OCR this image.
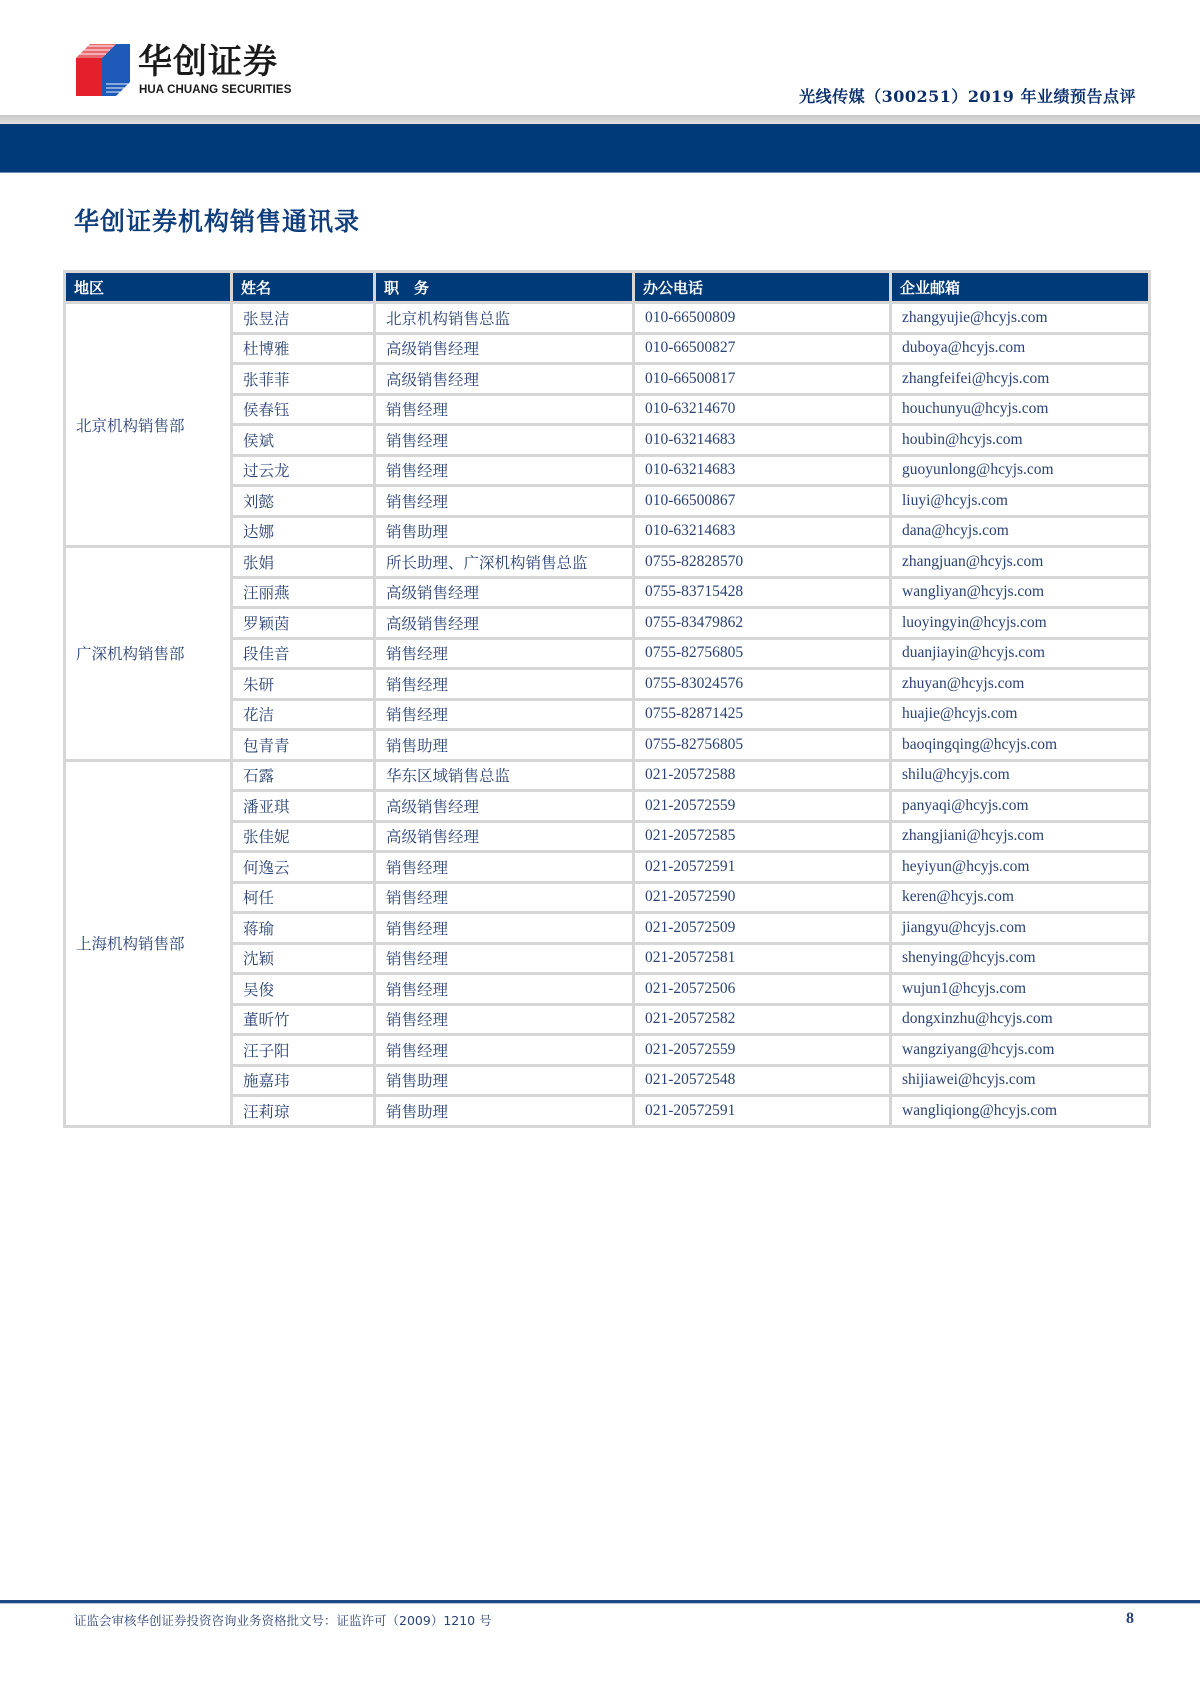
华创证券
HUA CHUANG SECURITIES	光线传媒（300251）2019 年业绩预告点评
华创证券机构销售通讯录
地区	姓名	职　务	办公电话	企业邮箱
北京机构销售部	张昱洁	北京机构销售总监	010-66500809	zhangyujie@hcyjs.com
	杜博雅	高级销售经理	010-66500827	duboya@hcyjs.com
	张菲菲	高级销售经理	010-66500817	zhangfeifei@hcyjs.com
	侯春钰	销售经理	010-63214670	houchunyu@hcyjs.com
	侯斌	销售经理	010-63214683	houbin@hcyjs.com
	过云龙	销售经理	010-63214683	guoyunlong@hcyjs.com
	刘懿	销售经理	010-66500867	liuyi@hcyjs.com
	达娜	销售助理	010-63214683	dana@hcyjs.com
广深机构销售部	张娟	所长助理、广深机构销售总监	0755-82828570	zhangjuan@hcyjs.com
	汪丽燕	高级销售经理	0755-83715428	wangliyan@hcyjs.com
	罗颖茵	高级销售经理	0755-83479862	luoyingyin@hcyjs.com
	段佳音	销售经理	0755-82756805	duanjiayin@hcyjs.com
	朱研	销售经理	0755-83024576	zhuyan@hcyjs.com
	花洁	销售经理	0755-82871425	huajie@hcyjs.com
	包青青	销售助理	0755-82756805	baoqingqing@hcyjs.com
上海机构销售部	石露	华东区域销售总监	021-20572588	shilu@hcyjs.com
	潘亚琪	高级销售经理	021-20572559	panyaqi@hcyjs.com
	张佳妮	高级销售经理	021-20572585	zhangjiani@hcyjs.com
	何逸云	销售经理	021-20572591	heyiyun@hcyjs.com
	柯任	销售经理	021-20572590	keren@hcyjs.com
	蒋瑜	销售经理	021-20572509	jiangyu@hcyjs.com
	沈颖	销售经理	021-20572581	shenying@hcyjs.com
	吴俊	销售经理	021-20572506	wujun1@hcyjs.com
	董昕竹	销售经理	021-20572582	dongxinzhu@hcyjs.com
	汪子阳	销售经理	021-20572559	wangziyang@hcyjs.com
	施嘉玮	销售助理	021-20572548	shijiawei@hcyjs.com
	汪莉琼	销售助理	021-20572591	wangliqiong@hcyjs.com
证监会审核华创证券投资咨询业务资格批文号：证监许可（2009）1210 号	8
